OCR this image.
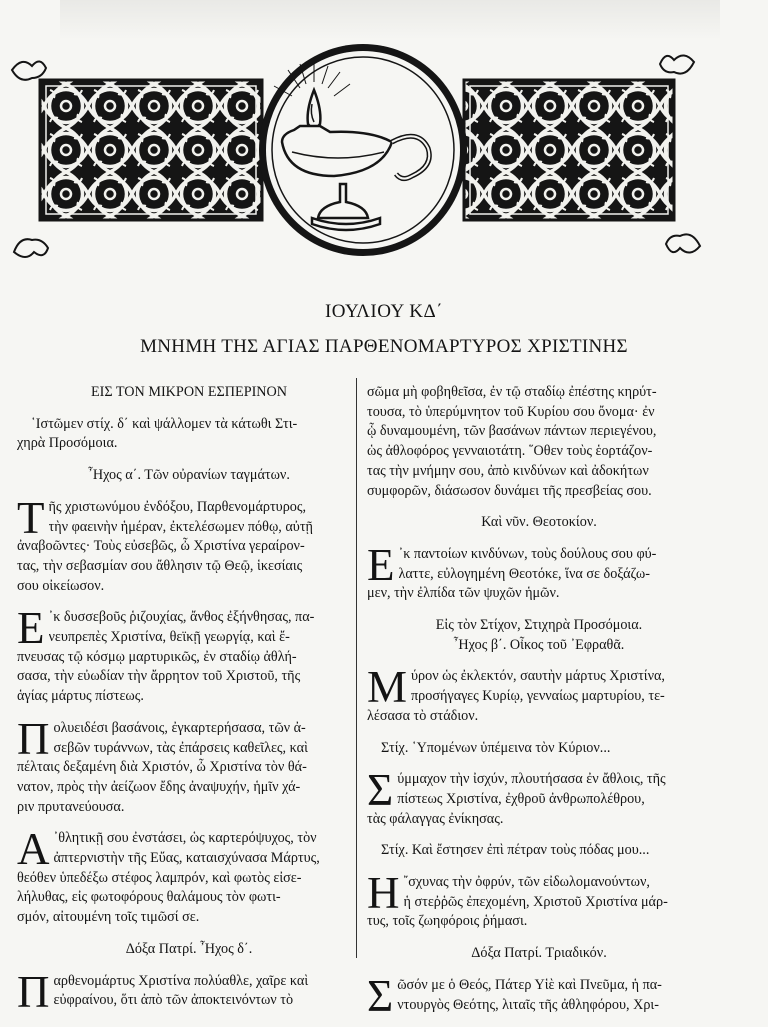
ΙΟΥΛΙΟΥ ΚΔ΄

ΜΝΗΜΗ ΤΗΣ ΑΓΙΑΣ ΠΑΡΘΕΝΟΜΑΡΤΥΡΟΣ ΧΡΙΣΤΙΝΗΣ

ΕΙΣ ΤΟΝ ΜΙΚΡΟΝ ΕΣΠΕΡΙΝΟΝ

῾Ιστῶμεν στίχ. δ΄ καὶ ψάλλομεν τὰ κάτωθι Στι-
χηρὰ Προσόμοια.

῏Ηχος α΄. Τῶν οὐρανίων ταγμάτων.

Τ ῆς χριστωνύμου ἐνδόξου, Παρθενομάρτυρος,
τὴν φαεινὴν ἡμέραν, ἐκτελέσωμεν πόθῳ, αὐτῇ
ἀναβοῶντες· Τοὺς εὐσεβῶς, ὦ Χριστίνα γεραίρον-
τας, τὴν σεβασμίαν σου ἄθλησιν τῷ Θεῷ, ἱκεσίαις
σου οἰκείωσον.
Ε ᾽κ δυσσεβοῦς ῥιζουχίας, ἄνθος ἐξήνθησας, πα-
νευπρεπὲς Χριστίνα, θεϊκῇ γεωργίᾳ, καὶ ἔ-
πνευσας τῷ κόσμῳ μαρτυρικῶς, ἐν σταδίῳ ἀθλή-
σασα, τὴν εὐωδίαν τὴν ἄρρητον τοῦ Χριστοῦ, τῆς
ἁγίας μάρτυς πίστεως.
Π ολυειδέσι βασάνοις, ἐγκαρτερήσασα, τῶν ἀ-
σεβῶν τυράννων, τὰς ἐπάρσεις καθεῖλες, καὶ
πέλταις δεξαμένη διὰ Χριστόν, ὦ Χριστίνα τὸν θά-
νατον, πρὸς τὴν ἀείζωον ἔδης ἀναψυχήν, ἡμῖν χά-
ριν πρυτανεύουσα.
Α ᾽θλητικῇ σου ἐνστάσει, ὡς καρτερόψυχος, τὸν
ἀπτερνιστὴν τῆς Εὔας, καταισχύνασα Μάρτυς,
θεόθεν ὑπεδέξω στέφος λαμπρόν, καὶ φωτὸς εἰσε-
λήλυθας, εἰς φωτοφόρους θαλάμους τὸν φωτι-
σμόν, αἰτουμένη τοῖς τιμῶσί σε.

Δόξα Πατρί. ῏Ηχος δ΄.

Π αρθενομάρτυς Χριστίνα πολύαθλε, χαῖρε καὶ
εὐφραίνου, ὅτι ἀπὸ τῶν ἀποκτεινόντων τὸ
σῶμα μὴ φοβηθεῖσα, ἐν τῷ σταδίῳ ἐπέστης κηρύτ-
τουσα, τὸ ὑπερύμνητον τοῦ Κυρίου σου ὄνομα· ἐν
ᾧ δυναμουμένη, τῶν βασάνων πάντων περιεγένου,
ὡς ἀθλοφόρος γενναιοτάτη. ῞Οθεν τοὺς ἑορτάζον-
τας τὴν μνήμην σου, ἀπὸ κινδύνων καὶ ἀδοκήτων
συμφορῶν, διάσωσον δυνάμει τῆς πρεσβείας σου.

Καὶ νῦν. Θεοτοκίον.

Ε ᾽κ παντοίων κινδύνων, τοὺς δούλους σου φύ-
λαττε, εὐλογημένη Θεοτόκε, ἵνα σε δοξάζω-
μεν, τὴν ἐλπίδα τῶν ψυχῶν ἡμῶν.

Εἰς τὸν Στίχον, Στιχηρὰ Προσόμοια.

῏Ηχος β΄. Οἶκος τοῦ ᾽Εφραθᾶ.

Μ ύρον ὡς ἐκλεκτόν, σαυτὴν μάρτυς Χριστίνα,
προσήγαγες Κυρίῳ, γενναίως μαρτυρίου, τε-
λέσασα τὸ στάδιον.

Στίχ. ῾Υπομένων ὑπέμεινα τὸν Κύριον...

Σ ύμμαχον τὴν ἰσχύν, πλουτήσασα ἐν ἄθλοις, τῆς
πίστεως Χριστίνα, ἐχθροῦ ἀνθρωπολέθρου,
τὰς φάλαγγας ἐνίκησας.

Στίχ. Καὶ ἔστησεν ἐπὶ πέτραν τοὺς πόδας μου...

Η ῎σχυνας τὴν ὀφρύν, τῶν εἰδωλομανούντων,
ἡ στεῤῥῶς ἐπεχομένη, Χριστοῦ Χριστίνα μάρ-
τυς, τοῖς ζωηφόροις ῥήμασι.

Δόξα Πατρί. Τριαδικόν.

Σ ῶσόν με ὁ Θεός, Πάτερ Υἱὲ καὶ Πνεῦμα, ἡ πα-
ντουργὸς Θεότης, λιταῖς τῆς ἀθληφόρου, Χρι-
